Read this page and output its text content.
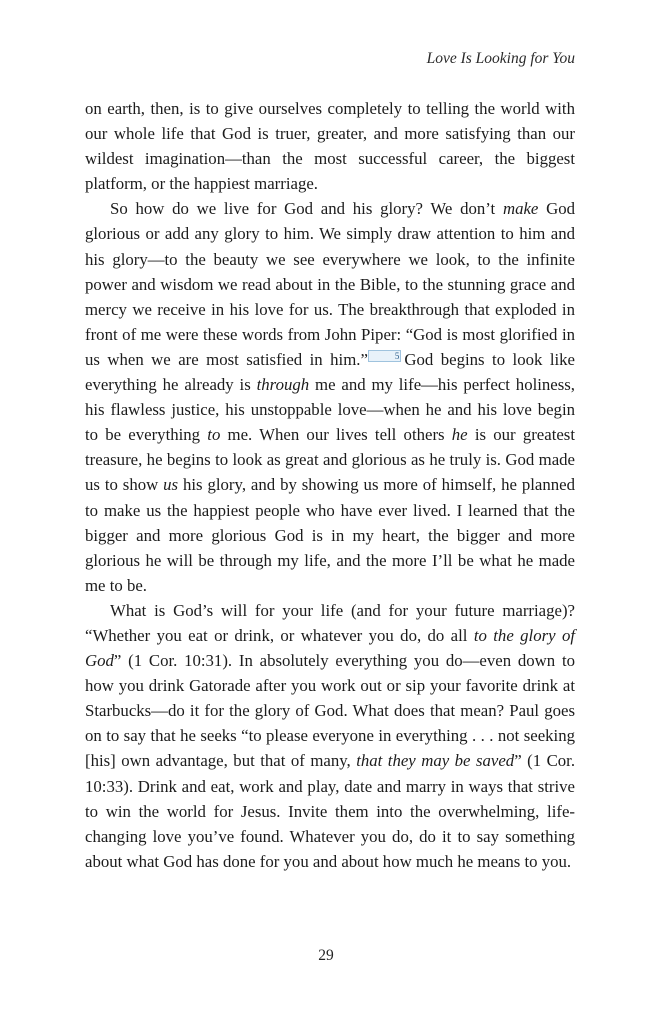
Love Is Looking for You

on earth, then, is to give ourselves completely to telling the world with our whole life that God is truer, greater, and more satisfying than our wildest imagination—than the most successful career, the biggest platform, or the happiest marriage.

So how do we live for God and his glory? We don’t make God glorious or add any glory to him. We simply draw attention to him and his glory—to the beauty we see everywhere we look, to the infinite power and wisdom we read about in the Bible, to the stunning grace and mercy we receive in his love for us. The breakthrough that exploded in front of me were these words from John Piper: “God is most glorified in us when we are most satisfied in him.”	$^5$ God begins to look like everything he already is through me and my life—his perfect holiness, his flawless justice, his unstoppable love—when he and his love begin to be everything to me. When our lives tell others he is our greatest treasure, he begins to look as great and glorious as he truly is. God made us to show us his glory, and by showing us more of himself, he planned to make us the happiest people who have ever lived. I learned that the bigger and more glorious God is in my heart, the bigger and more glorious he will be through my life, and the more I’ll be what he made me to be.

What is God’s will for your life (and for your future marriage)? “Whether you eat or drink, or whatever you do, do all to the glory of God” (1 Cor. 10:31). In absolutely everything you do—even down to how you drink Gatorade after you work out or sip your favorite drink at Starbucks—do it for the glory of God. What does that mean? Paul goes on to say that he seeks “to please everyone in everything . . . not seeking [his] own advantage, but that of many, that they may be saved” (1 Cor. 10:33). Drink and eat, work and play, date and marry in ways that strive to win the world for Jesus. Invite them into the overwhelming, life-changing love you’ve found. Whatever you do, do it to say something about what God has done for you and about how much he means to you.

29
